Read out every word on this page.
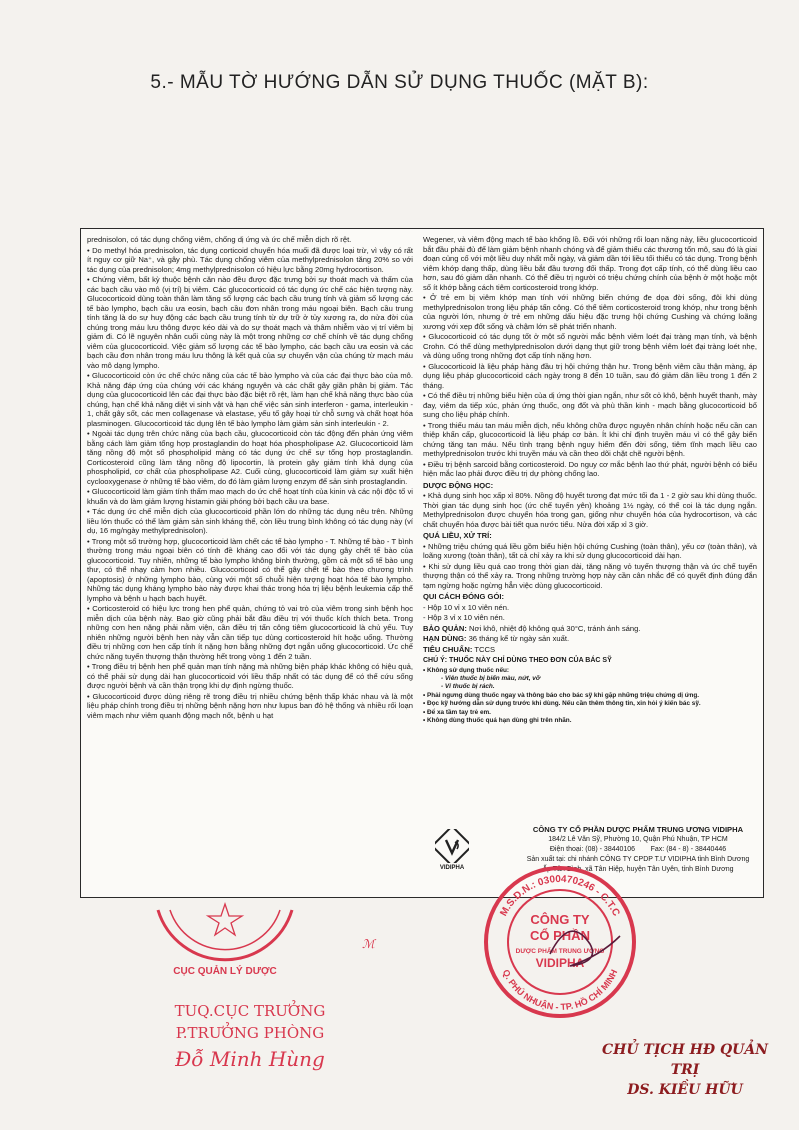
5.- MẪU TỜ HƯỚNG DẪN SỬ DỤNG THUỐC (MẶT B):

prednisolon, có tác dụng chống viêm, chống dị ứng và ức chế miễn dịch rõ rệt.

• Do methyl hóa prednisolon, tác dụng corticoid chuyển hóa muối đã được loại trừ, vì vậy có rất ít nguy cơ giữ Na⁺, và gây phù. Tác dụng chống viêm của methylprednisolon tăng 20% so với tác dụng của prednisolon; 4mg methylprednisolon có hiệu lực bằng 20mg hydrocortison.

• Chứng viêm, bất kỳ thuộc bệnh căn nào đều được đặc trưng bởi sự thoát mạch và thấm của các bạch cầu vào mô (vị trí) bị viêm. Các glucocorticoid có tác dụng ức chế các hiện tượng này. Glucocorticoid dùng toàn thân làm tăng số lượng các bạch cầu trung tính và giảm số lượng các tế bào lympho, bạch cầu ưa eosin, bạch cầu đơn nhân trong máu ngoại biên. Bạch cầu trung tính tăng là do sự huy động các bạch cầu trung tính từ dự trữ ở tủy xương ra, do nửa đời của chúng trong máu lưu thông được kéo dài và do sự thoát mạch và thâm nhiễm vào vị trí viêm bị giảm đi. Có lẽ nguyên nhân cuối cùng này là một trong những cơ chế chính về tác dụng chống viêm của glucocorticoid. Việc giảm số lượng các tế bào lympho, các bạch cầu ưa eosin và các bạch cầu đơn nhân trong máu lưu thông là kết quả của sự chuyển vận của chúng từ mạch máu vào mô dạng lympho.

• Glucocorticoid còn ức chế chức năng của các tế bào lympho và của các đại thực bào của mô. Khả năng đáp ứng của chúng với các kháng nguyên và các chất gây giãn phân bị giảm. Tác dụng của glucocorticoid lên các đại thực bào đặc biệt rõ rệt, làm hạn chế khả năng thực bào của chúng, hạn chế khả năng diệt vi sinh vật và hạn chế việc sản sinh interferon - gama, interleukin - 1, chất gây sốt, các men collagenase và elastase, yếu tố gây hoại tử chỗ sưng và chất hoạt hóa plasminogen. Glucocorticoid tác dụng lên tế bào lympho làm giảm sản sinh interleukin - 2.

• Ngoài tác dụng trên chức năng của bạch cầu, glucocorticoid còn tác động đến phản ứng viêm bằng cách làm giảm tổng hợp prostaglandin do hoạt hóa phospholipase A2. Glucocorticoid làm tăng nồng độ một số phospholipid màng có tác dụng ức chế sự tổng hợp prostaglandin. Corticosteroid cũng làm tăng nồng độ lipocortin, là protein gây giảm tính khả dụng của phospholipid, cơ chất của phospholipase A2. Cuối cùng, glucocorticoid làm giảm sự xuất hiện cyclooxygenase ở những tế bào viêm, do đó làm giảm lượng enzym để sản sinh prostaglandin.

• Glucocorticoid làm giảm tính thấm mao mạch do ức chế hoạt tính của kinin và các nội độc tố vi khuẩn và do làm giảm lượng histamin giải phóng bởi bạch cầu ưa base.

• Tác dụng ức chế miễn dịch của glucocorticoid phần lớn do những tác dụng nêu trên. Những liều lớn thuốc có thể làm giảm sản sinh kháng thể, còn liều trung bình không có tác dụng này (ví dụ, 16 mg/ngày methylprednisolon).

• Trong một số trường hợp, glucocorticoid làm chết các tế bào lympho - T. Những tế bào - T bình thường trong máu ngoại biên có tính đề kháng cao đối với tác dụng gây chết tế bào của glucocorticoid. Tuy nhiên, những tế bào lympho không bình thường, gồm cả một số tế bào ung thư, có thể nhạy cảm hơn nhiều. Glucocorticoid có thể gây chết tế bào theo chương trình (apoptosis) ở những lympho bào, cùng với một số chuỗi hiện tượng hoạt hóa tế bào lympho. Những tác dụng kháng lympho bào này được khai thác trong hóa trị liệu bệnh leukemia cấp thể lympho và bệnh u hạch bạch huyết.

• Corticosteroid có hiệu lực trong hen phế quản, chứng tỏ vai trò của viêm trong sinh bệnh học miễn dịch của bệnh này. Bao giờ cũng phải bắt đầu điều trị với thuốc kích thích beta. Trong những cơn hen nặng phải nằm viện, cần điều trị tấn công tiêm glucocorticoid là chủ yếu. Tuy nhiên những người bệnh hen này vẫn cần tiếp tục dùng corticosteroid hít hoặc uống. Thường điều trị những cơn hen cấp tính ít nặng hơn bằng những đợt ngắn uống glucocorticoid. Ức chế chức năng tuyến thượng thận thường hết trong vòng 1 đến 2 tuần.

• Trong điều trị bệnh hen phế quản mạn tính nặng mà những biện pháp khác không có hiệu quả, có thể phải sử dụng dài hạn glucocorticoid với liều thấp nhất có tác dụng để có thể cứu sống được người bệnh và cần thận trọng khi dự định ngừng thuốc.

• Glucocorticoid được dùng riêng rẽ trong điều trị nhiều chứng bệnh thấp khác nhau và là một liệu pháp chính trong điều trị những bệnh nặng hơn như lupus ban đỏ hệ thống và nhiều rối loạn viêm mạch như viêm quanh động mạch nốt, bệnh u hạt

Wegener, và viêm động mạch tế bào khổng lồ. Đối với những rối loạn nặng này, liều glucocorticoid bắt đầu phải đủ để làm giảm bệnh nhanh chóng và để giảm thiểu các thương tổn mô, sau đó là giai đoạn củng cố với một liều duy nhất mỗi ngày, và giảm dần tới liều tối thiểu có tác dụng. Trong bệnh viêm khớp dạng thấp, dùng liều bắt đầu tương đối thấp. Trong đợt cấp tính, có thể dùng liều cao hơn, sau đó giảm dần nhanh. Có thể điều trị người có triệu chứng chính của bệnh ở một hoặc một số ít khớp bằng cách tiêm corticosteroid trong khớp.

• Ở trẻ em bị viêm khớp mạn tính với những biến chứng đe dọa đời sống, đôi khi dùng methylprednisolon trong liệu pháp tấn công. Có thể tiêm corticosteroid trong khớp, như trong bệnh của người lớn, nhưng ở trẻ em những dấu hiệu đặc trưng hội chứng Cushing và chứng loãng xương với xẹp đốt sống và chậm lớn sẽ phát triển nhanh.

• Glucocorticoid có tác dụng tốt ở một số người mắc bệnh viêm loét đại tràng mạn tính, và bệnh Crohn. Có thể dùng methylprednisolon dưới dạng thụt giữ trong bệnh viêm loét đại tràng loét nhẹ, và dùng uống trong những đợt cấp tính nặng hơn.

• Glucocorticoid là liệu pháp hàng đầu trị hội chứng thận hư. Trong bệnh viêm cầu thận màng, áp dụng liệu pháp glucocorticoid cách ngày trong 8 đến 10 tuần, sau đó giảm dần liều trong 1 đến 2 tháng.

• Có thể điều trị những biểu hiện của dị ứng thời gian ngắn, như sốt cỏ khô, bệnh huyết thanh, mày đay, viêm da tiếp xúc, phản ứng thuốc, ong đốt và phù thần kinh - mạch bằng glucocorticoid bổ sung cho liệu pháp chính.

• Trong thiếu máu tan máu miễn dịch, nếu không chữa được nguyên nhân chính hoặc nếu cần can thiệp khẩn cấp, glucocorticoid là liệu pháp cơ bản. Ít khi chỉ định truyền máu vì có thể gây biến chứng tăng tan máu. Nếu tình trạng bệnh nguy hiểm đến đời sống, tiêm tĩnh mạch liều cao methylprednisolon trước khi truyền máu và cần theo dõi chặt chẽ người bệnh.

• Điều trị bệnh sarcoid bằng corticosteroid. Do nguy cơ mắc bệnh lao thứ phát, người bệnh có biểu hiện mắc lao phải được điều trị dự phòng chống lao.

DƯỢC ĐỘNG HỌC:

• Khả dụng sinh học xấp xỉ 80%. Nồng độ huyết tương đạt mức tối đa 1 - 2 giờ sau khi dùng thuốc. Thời gian tác dụng sinh học (ức chế tuyến yên) khoảng 1½ ngày, có thể coi là tác dụng ngắn. Methylprednisolon được chuyển hóa trong gan, giống như chuyển hóa của hydrocortison, và các chất chuyển hóa được bài tiết qua nước tiểu. Nửa đời xấp xỉ 3 giờ.

QUÁ LIỀU, XỬ TRÍ:

• Những triệu chứng quá liều gồm biểu hiện hội chứng Cushing (toàn thân), yếu cơ (toàn thân), và loãng xương (toàn thân), tất cả chỉ xảy ra khi sử dụng glucocorticoid dài hạn.

• Khi sử dụng liều quá cao trong thời gian dài, tăng năng vỏ tuyến thượng thận và ức chế tuyến thượng thận có thể xảy ra. Trong những trường hợp này cần cân nhắc để có quyết định đúng đắn tạm ngừng hoặc ngừng hẳn việc dùng glucocorticoid.

QUI CÁCH ĐÓNG GÓI:

- Hộp 10 vỉ x 10 viên nén.

- Hộp 3 vỉ x 10 viên nén.

BẢO QUẢN: Nơi khô, nhiệt độ không quá 30°C, tránh ánh sáng.

HẠN DÙNG: 36 tháng kể từ ngày sản xuất.

TIÊU CHUẨN: TCCS

CHÚ Ý: THUỐC NÀY CHỈ DÙNG THEO ĐƠN CỦA BÁC SỸ
• Không sử dụng thuốc nếu:
- Viên thuốc bị biến màu, nứt, vỡ
- Vỉ thuốc bị rách.
• Phải ngưng dùng thuốc ngay và thông báo cho bác sỹ khi gặp những triệu chứng dị ứng.
• Đọc kỹ hướng dẫn sử dụng trước khi dùng. Nếu cần thêm thông tin, xin hỏi ý kiến bác sỹ.
• Để xa tầm tay trẻ em.
• Không dùng thuốc quá hạn dùng ghi trên nhãn.
VIDIPHA
CÔNG TY CỔ PHẦN DƯỢC PHẨM TRUNG ƯƠNG VIDIPHA
184/2 Lê Văn Sỹ, Phường 10, Quận Phú Nhuận, TP HCM
Điện thoại: (08) - 38440106 Fax: (84 - 8) - 38440446
Sản xuất tại: chi nhánh CÔNG TY CPDP T.Ư VIDIPHA tỉnh Bình Dương
Ấp Tân Bình, xã Tân Hiệp, huyện Tân Uyên, tỉnh Bình Dương
CỤC QUẢN LÝ DƯỢC
ℳ
TUQ.CỤC TRƯỞNG
P.TRƯỞNG PHÒNG
Đỗ Minh Hùng
M.S.D.N.: 0300470246 - C.T.C
Q. PHÚ NHUẬN - TP. HỒ CHÍ MINH
CÔNG TY
CỔ PHẦN
DƯỢC PHẨM TRUNG ƯƠNG
VIDIPHA
CHỦ TỊCH HĐ QUẢN TRỊ
DS. KIỀU HỮU
